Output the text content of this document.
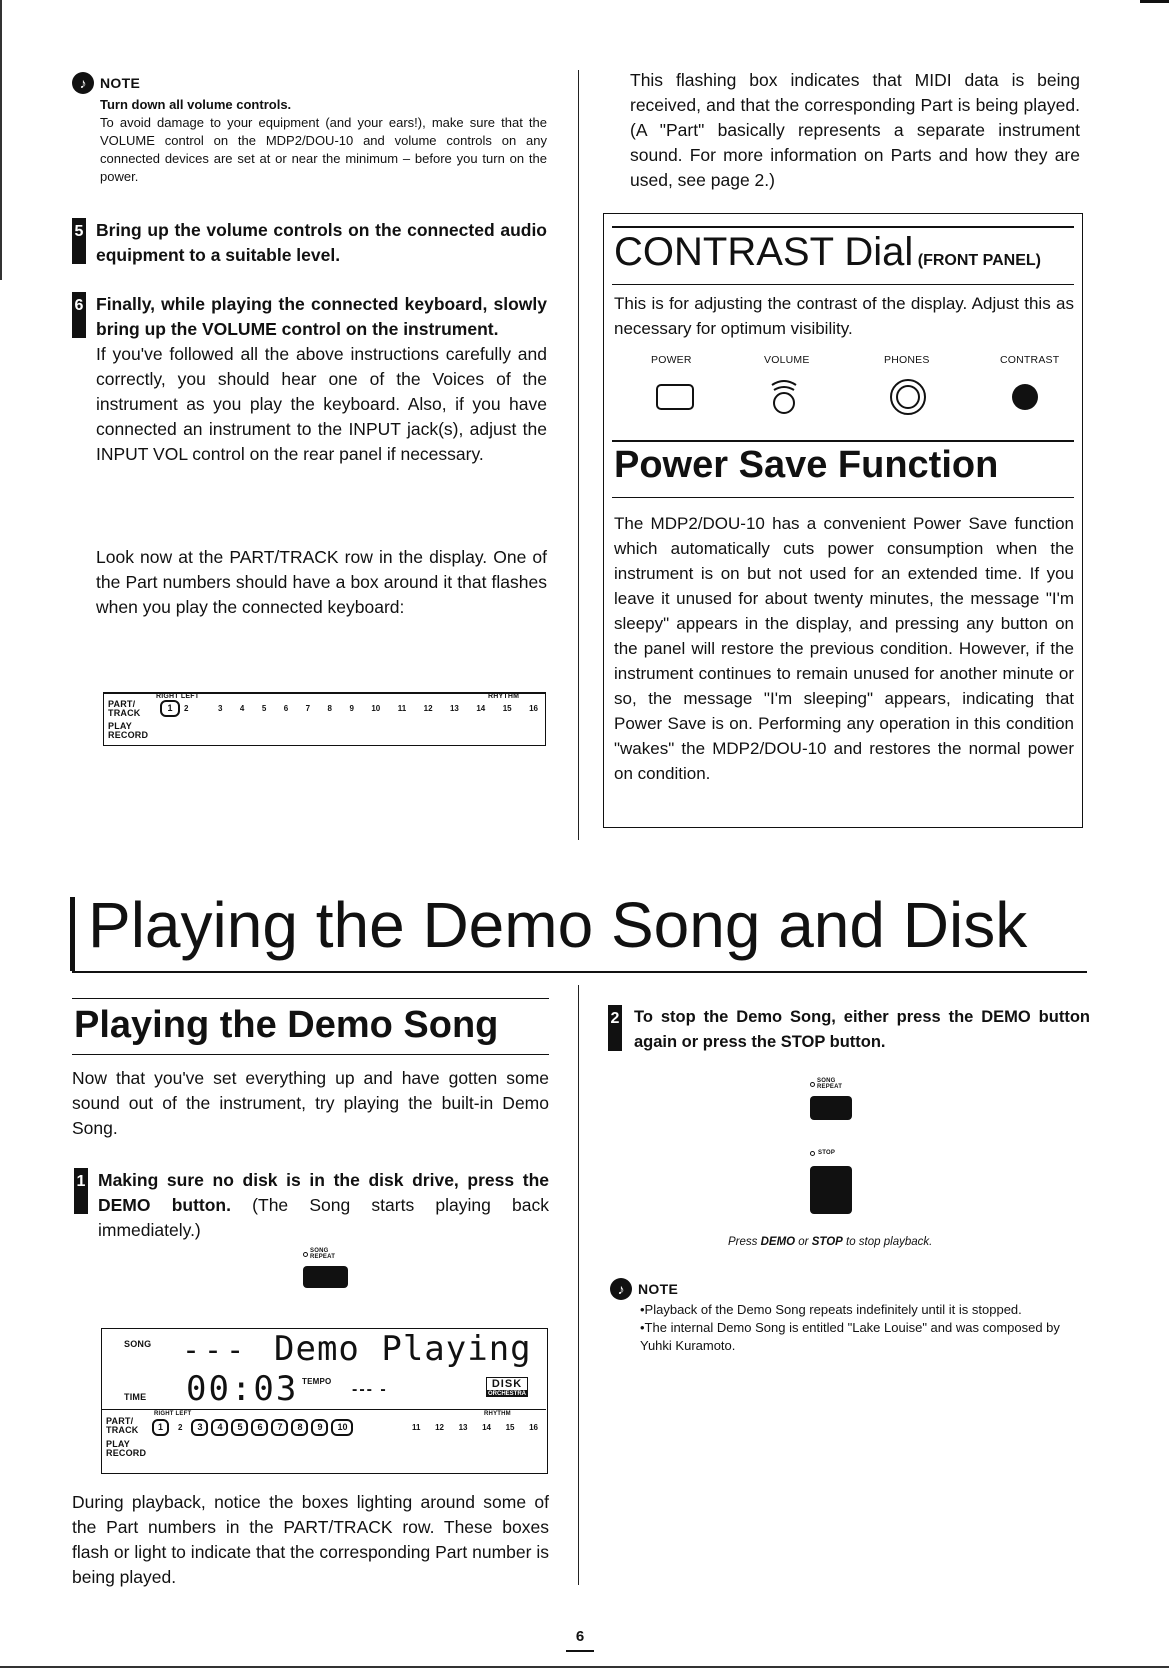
♪ NOTE
Turn down all volume controls.
To avoid damage to your equipment (and your ears!), make sure that the VOLUME control on the MDP2/DOU-10 and volume controls on any connected devices are set at or near the minimum – before you turn on the power.
5 Bring up the volume controls on the connected audio equipment to a suitable level.
6 Finally, while playing the connected keyboard, slowly bring up the VOLUME control on the instrument.
If you've followed all the above instructions carefully and correctly, you should hear one of the Voices of the instrument as you play the keyboard. Also, if you have connected an instrument to the INPUT jack(s), adjust the INPUT VOL control on the rear panel if necessary.
Look now at the PART/TRACK row in the display. One of the Part numbers should have a box around it that flashes when you play the connected keyboard:
RIGHT LEFT	RHYTHM
PART/ TRACK
PLAY
RECORD
1	2	3 4 5 6 7 8 9 10 11 12 13 14 15 16
This flashing box indicates that MIDI data is being received, and that the corresponding Part is being played. (A "Part" basically represents a separate instrument sound. For more information on Parts and how they are used, see page 2.)
CONTRAST Dial (FRONT PANEL)
This is for adjusting the contrast of the display. Adjust this as necessary for optimum visibility.
POWER	VOLUME	PHONES	CONTRAST
Power Save Function
The MDP2/DOU-10 has a convenient Power Save function which automatically cuts power consumption when the instrument is on but not used for an extended time. If you leave it unused for about twenty minutes, the message "I'm sleepy" appears in the display, and pressing any button on the panel will restore the previous condition. However, if the instrument continues to remain unused for another minute or so, the message "I'm sleeping" appears, indicating that Power Save is on. Performing any operation in this condition "wakes" the MDP2/DOU-10 and restores the normal power on condition.
Playing the Demo Song and Disk
Playing the Demo Song
Now that you've set everything up and have gotten some sound out of the instrument, try playing the built-in Demo Song.
1 Making sure no disk is in the disk drive, press the DEMO button. (The Song starts playing back immediately.)
SONG
REPEAT
SONG --- Demo Playing
TIME 00:03 TEMPO --- -	DISK
ORCHESTRA
RIGHT LEFT	RHYTHM
PART/ TRACK
PLAY
RECORD
1	2	3	4	5	6	7	8	9	10	11 12 13 14 15 16
During playback, notice the boxes lighting around some of the Part numbers in the PART/TRACK row. These boxes flash or light to indicate that the corresponding Part number is being played.
2 To stop the Demo Song, either press the DEMO button again or press the STOP button.
SONG
REPEAT
STOP
Press DEMO or STOP to stop playback.
♪ NOTE
•Playback of the Demo Song repeats indefinitely until it is stopped.
•The internal Demo Song is entitled "Lake Louise" and was composed by Yuhki Kuramoto.
6
